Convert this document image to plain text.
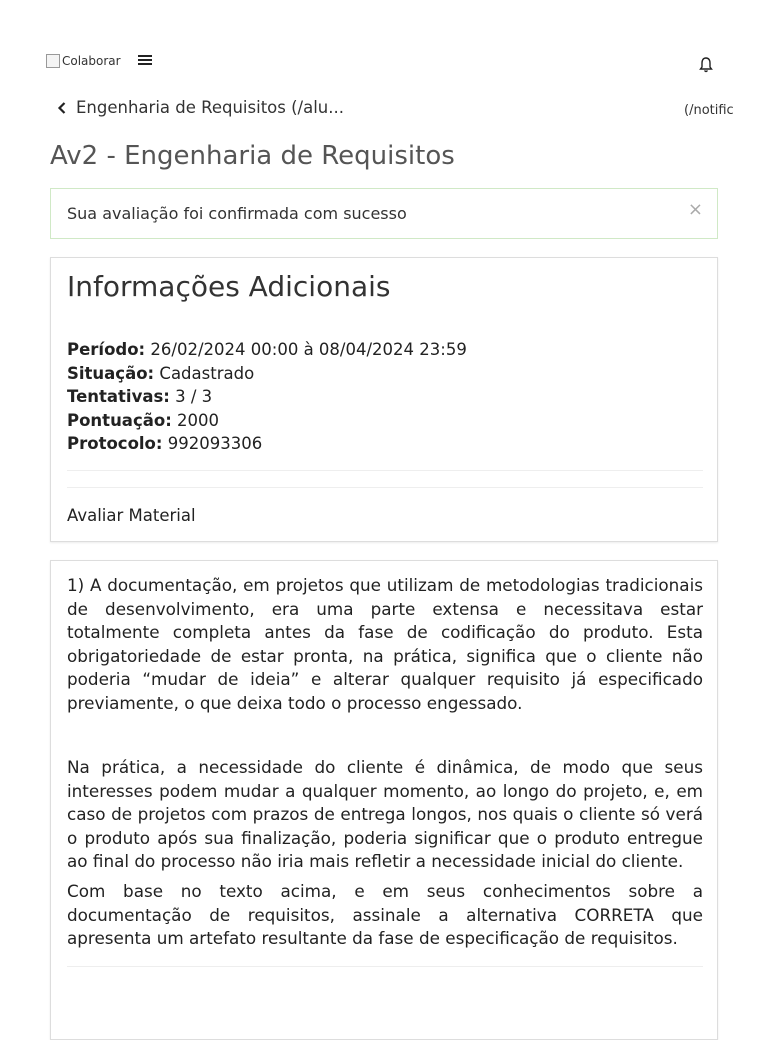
Colaborar
Engenharia de Requisitos (/alu...	(/notific
Av2 - Engenharia de Requisitos
Sua avaliação foi confirmada com sucesso	×
Informações Adicionais
Período: 26/02/2024 00:00 à 08/04/2024 23:59
Situação: Cadastrado
Tentativas: 3 / 3
Pontuação: 2000
Protocolo: 992093306
Avaliar Material

1) A documentação, em projetos que utilizam de metodologias tradicionais de desenvolvimento, era uma parte extensa e necessitava estar totalmente completa antes da fase de codificação do produto. Esta obrigatoriedade de estar pronta, na prática, significa que o cliente não poderia “mudar de ideia” e alterar qualquer requisito já especificado previamente, o que deixa todo o processo engessado.

Na prática, a necessidade do cliente é dinâmica, de modo que seus interesses podem mudar a qualquer momento, ao longo do projeto, e, em caso de projetos com prazos de entrega longos, nos quais o cliente só verá o produto após sua finalização, poderia significar que o produto entregue ao final do processo não iria mais refletir a necessidade inicial do cliente.

Com base no texto acima, e em seus conhecimentos sobre a documentação de requisitos, assinale a alternativa CORRETA que apresenta um artefato resultante da fase de especificação de requisitos.
